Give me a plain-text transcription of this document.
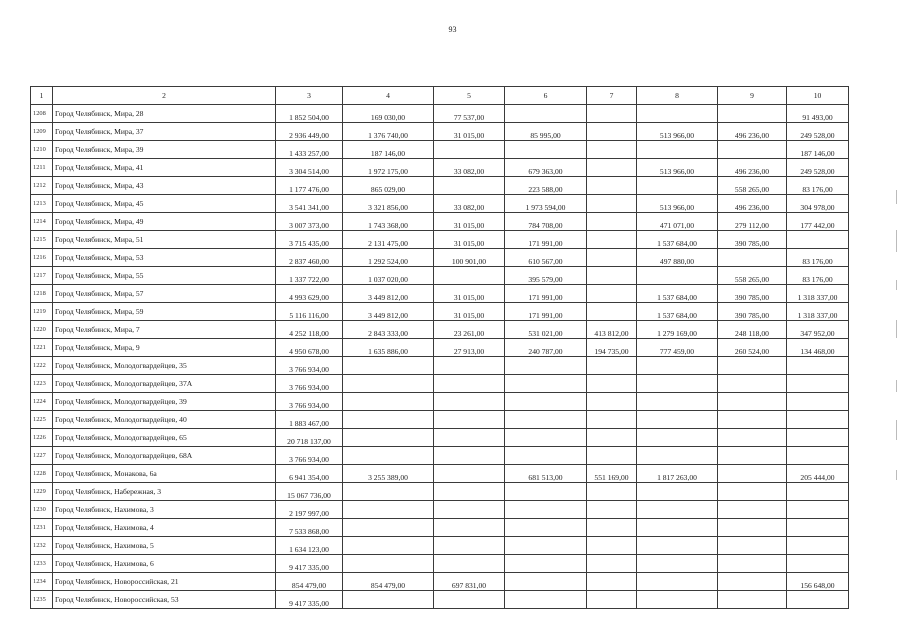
93
1	2	3	4	5	6	7	8	9	10
1208	Город Челябинск, Мира, 28	1 852 504,00	169 030,00	77 537,00					91 493,00
1209	Город Челябинск, Мира, 37	2 936 449,00	1 376 740,00	31 015,00	85 995,00		513 966,00	496 236,00	249 528,00
1210	Город Челябинск, Мира, 39	1 433 257,00	187 146,00						187 146,00
1211	Город Челябинск, Мира, 41	3 304 514,00	1 972 175,00	33 082,00	679 363,00		513 966,00	496 236,00	249 528,00
1212	Город Челябинск, Мира, 43	1 177 476,00	865 029,00		223 588,00			558 265,00	83 176,00
1213	Город Челябинск, Мира, 45	3 541 341,00	3 321 856,00	33 082,00	1 973 594,00		513 966,00	496 236,00	304 978,00
1214	Город Челябинск, Мира, 49	3 007 373,00	1 743 368,00	31 015,00	784 708,00		471 071,00	279 112,00	177 442,00
1215	Город Челябинск, Мира, 51	3 715 435,00	2 131 475,00	31 015,00	171 991,00		1 537 684,00	390 785,00	
1216	Город Челябинск, Мира, 53	2 837 460,00	1 292 524,00	100 901,00	610 567,00		497 880,00		83 176,00
1217	Город Челябинск, Мира, 55	1 337 722,00	1 037 020,00		395 579,00			558 265,00	83 176,00
1218	Город Челябинск, Мира, 57	4 993 629,00	3 449 812,00	31 015,00	171 991,00		1 537 684,00	390 785,00	1 318 337,00
1219	Город Челябинск, Мира, 59	5 116 116,00	3 449 812,00	31 015,00	171 991,00		1 537 684,00	390 785,00	1 318 337,00
1220	Город Челябинск, Мира, 7	4 252 118,00	2 843 333,00	23 261,00	531 021,00	413 812,00	1 279 169,00	248 118,00	347 952,00
1221	Город Челябинск, Мира, 9	4 950 678,00	1 635 886,00	27 913,00	240 787,00	194 735,00	777 459,00	260 524,00	134 468,00
1222	Город Челябинск, Молодогвардейцев, 35	3 766 934,00							
1223	Город Челябинск, Молодогвардейцев, 37А	3 766 934,00							
1224	Город Челябинск, Молодогвардейцев, 39	3 766 934,00							
1225	Город Челябинск, Молодогвардейцев, 40	1 883 467,00							
1226	Город Челябинск, Молодогвардейцев, 65	20 718 137,00							
1227	Город Челябинск, Молодогвардейцев, 68А	3 766 934,00							
1228	Город Челябинск, Монакова, 6а	6 941 354,00	3 255 389,00		681 513,00	551 169,00	1 817 263,00		205 444,00
1229	Город Челябинск, Набережная, 3	15 067 736,00							
1230	Город Челябинск, Нахимова, 3	2 197 997,00							
1231	Город Челябинск, Нахимова, 4	7 533 868,00							
1232	Город Челябинск, Нахимова, 5	1 634 123,00							
1233	Город Челябинск, Нахимова, 6	9 417 335,00							
1234	Город Челябинск, Новороссийская, 21	854 479,00	854 479,00	697 831,00					156 648,00
1235	Город Челябинск, Новороссийская, 53	9 417 335,00							
